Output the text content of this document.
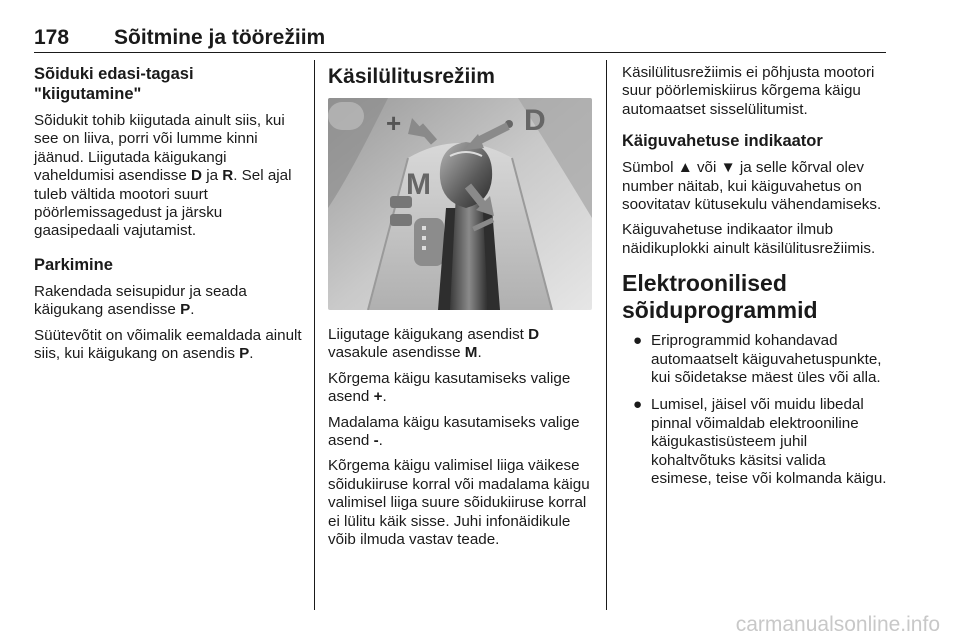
178 Sõitmine ja töörežiim
Sõiduki edasi-tagasi
"kiigutamine"

Sõidukit tohib kiigutada ainult siis, kui see on liiva, porri või lumme kinni jäänud. Liigutada käigukangi vaheldumisi asendisse D ja R. Sel ajal tuleb vältida mootori suurt pöörlemissagedust ja järsku gaasipedaali vajutamist.

Parkimine

Rakendada seisupidur ja seada käigukang asendisse P.

Süütevõtit on võimalik eemaldada ainult siis, kui käigukang on asendis P.

Käsilülitusrežiim
+	D
M

Liigutage käigukang asendist D vasakule asendisse M.

Kõrgema käigu kasutamiseks valige asend +.

Madalama käigu kasutamiseks valige asend -.

Kõrgema käigu valimisel liiga väikese sõidukiiruse korral või madalama käigu valimisel liiga suure sõidukiiruse korral ei lülitu käik sisse. Juhi infonäidikule võib ilmuda vastav teade.

Käsilülitusrežiimis ei põhjusta mootori suur pöörlemiskiirus kõrgema käigu automaatset sisselülitumist.

Käiguvahetuse indikaator

Sümbol ▲ või ▼ ja selle kõrval olev number näitab, kui käiguvahetus on soovitatav kütusekulu vähendamiseks.

Käiguvahetuse indikaator ilmub näidikuplokki ainult käsilülitusrežiimis.

Elektroonilised
sõiduprogrammid
● Eriprogrammid kohandavad automaatselt käiguvahetuspunkte, kui sõidetakse mäest üles või alla.
● Lumisel, jäisel või muidu libedal pinnal võimaldab elektrooniline käigukastisüsteem juhil kohaltvõtuks käsitsi valida esimese, teise või kolmanda käigu.
carmanualsonline.info
